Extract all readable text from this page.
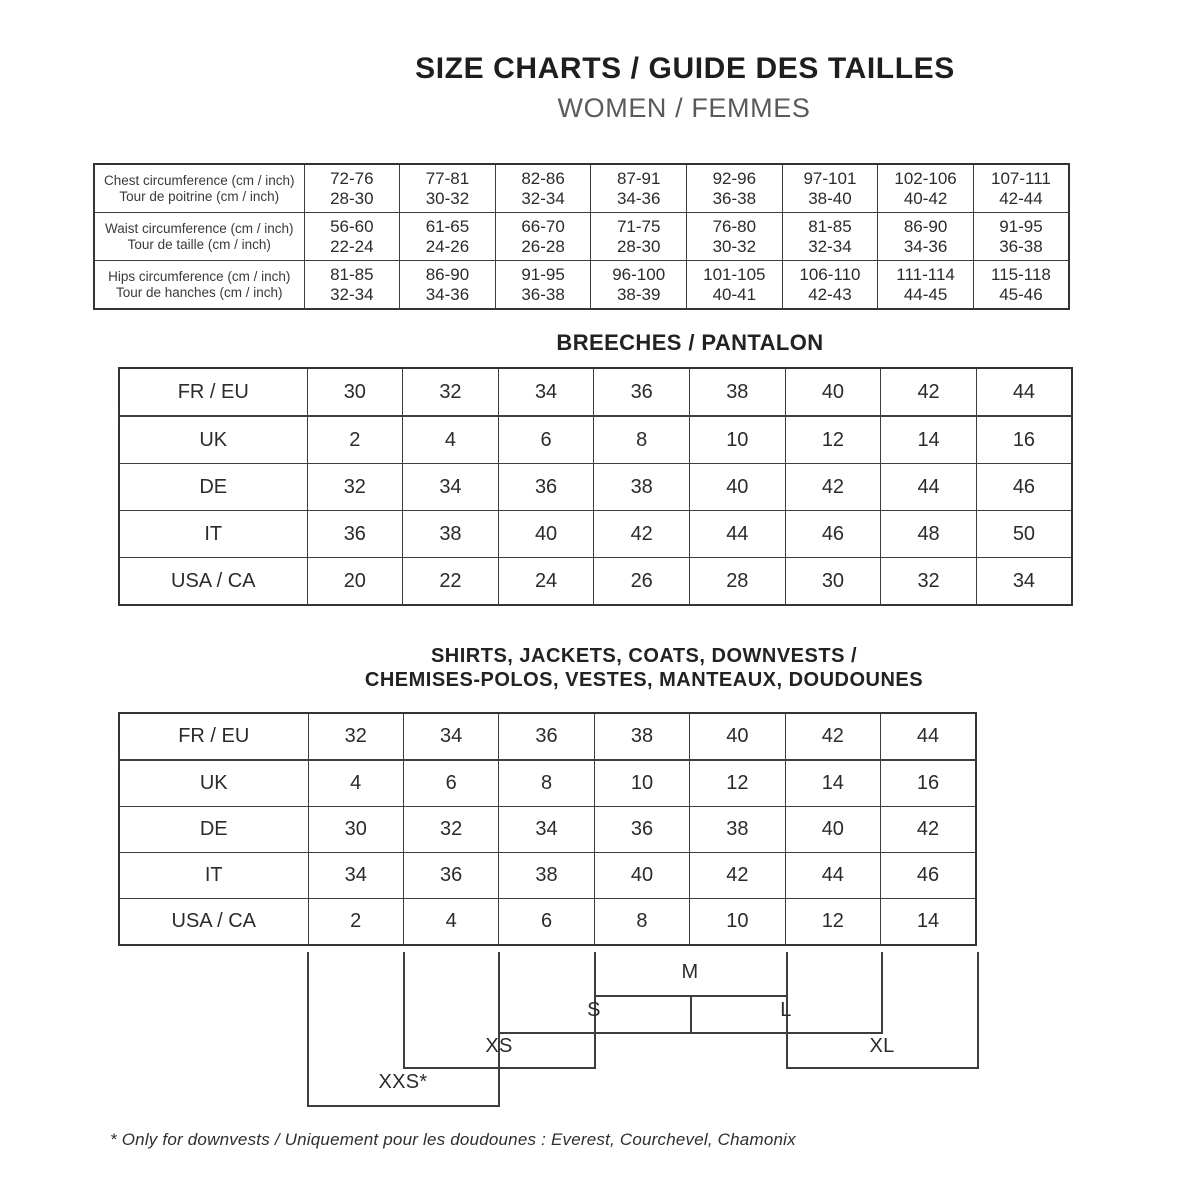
SIZE CHARTS / GUIDE DES TAILLES
WOMEN / FEMMES
Chest circumference (cm / inch)
Tour de poitrine (cm / inch)

72-76
28-30

77-81
30-32

82-86
32-34

87-91
34-36

92-96
36-38

97-101
38-40

102-106
40-42

107-111
42-44

Waist circumference (cm / inch)
Tour de taille (cm / inch)

56-60
22-24

61-65
24-26

66-70
26-28

71-75
28-30

76-80
30-32

81-85
32-34

86-90
34-36

91-95
36-38

Hips circumference (cm / inch)
Tour de hanches (cm / inch)

81-85
32-34

86-90
34-36

91-95
36-38

96-100
38-39

101-105
40-41

106-110
42-43

111-114
44-45

115-118
45-46
BREECHES / PANTALON
FR / EU	30	32	34	36	38	40	42	44
UK	2	4	6	8	10	12	14	16
DE	32	34	36	38	40	42	44	46
IT	36	38	40	42	44	46	48	50
USA / CA	20	22	24	26	28	30	32	34
SHIRTS, JACKETS, COATS, DOWNVESTS /
CHEMISES-POLOS, VESTES, MANTEAUX, DOUDOUNES
FR / EU	32	34	36	38	40	42	44
UK	4	6	8	10	12	14	16
DE	30	32	34	36	38	40	42
IT	34	36	38	40	42	44	46
USA / CA	2	4	6	8	10	12	14
M
S	L
XS	XL
XXS*
* Only for downvests / Uniquement pour les doudounes : Everest, Courchevel, Chamonix
